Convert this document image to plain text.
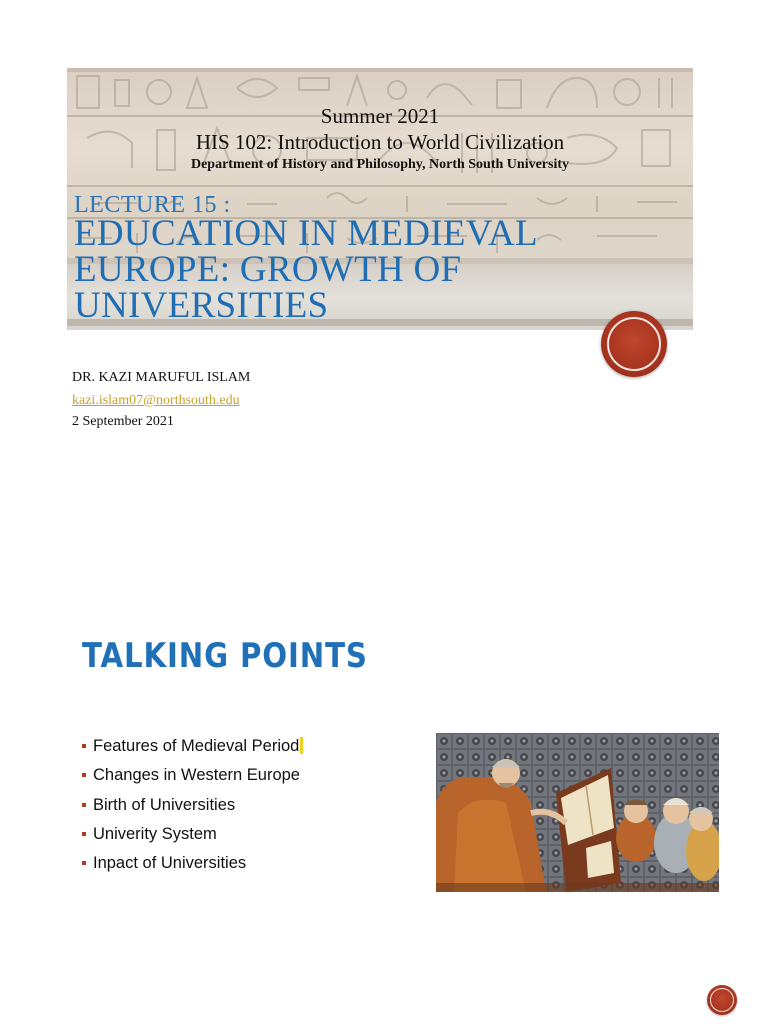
Summer 2021
HIS 102: Introduction to World Civilization
Department of History and Philosophy, North South University
LECTURE 15 :
EDUCATION IN MEDIEVAL EUROPE: GROWTH OF UNIVERSITIES
DR. KAZI MARUFUL ISLAM
kazi.islam07@northsouth.edu
2 September 2021
TALKING POINTS
Features of Medieval Period
Changes in Western Europe
Birth of Universities
Univerity System
Inpact of Universities
